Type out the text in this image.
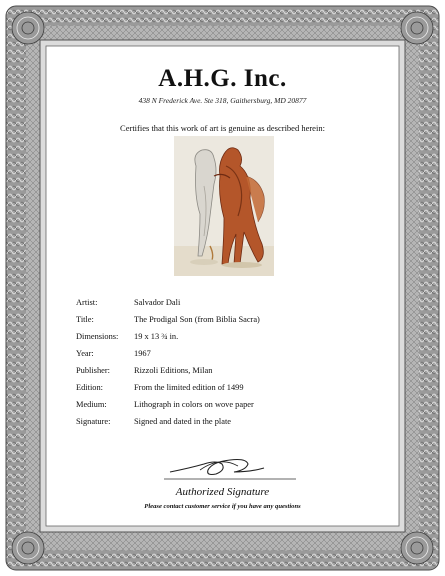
A.H.G. Inc.
438 N Frederick Ave. Ste 318, Gaithersburg, MD 20877
Certifies that this work of art is genuine as described herein:
Artist:	Salvador Dali
Title:	The Prodigal Son (from Biblia Sacra)
Dimensions: 19 x 13 ¾ in.
Year:	1967
Publisher:	Rizzoli Editions, Milan
Edition:	From the limited edition of 1499
Medium:	Lithograph in colors on wove paper
Signature:	Signed and dated in the plate
Authorized Signature
Please contact customer service if you have any questions
